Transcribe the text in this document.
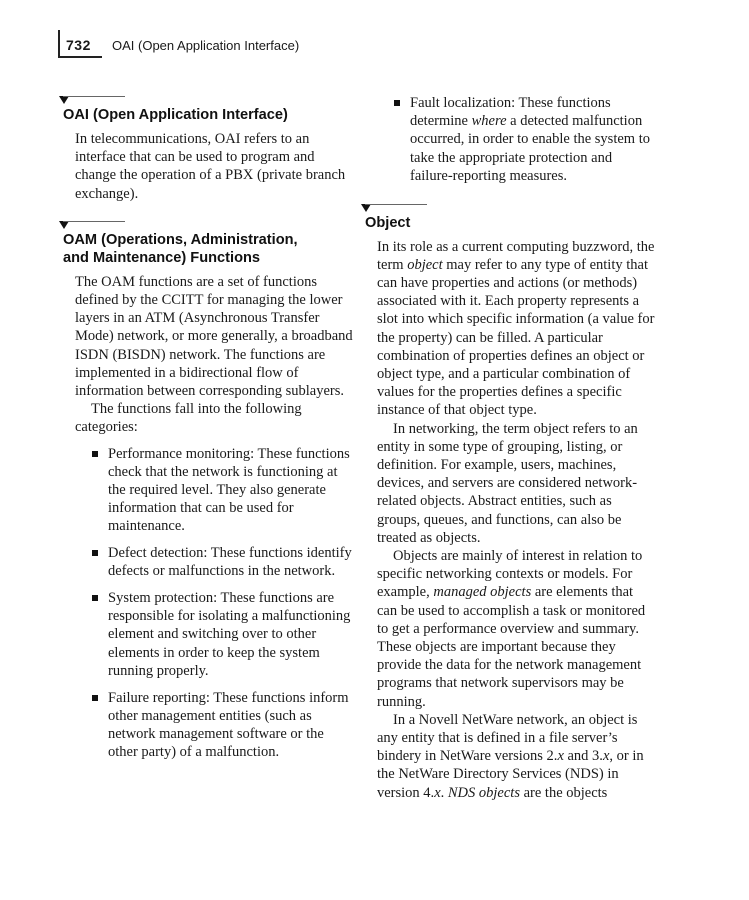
732 OAI (Open Application Interface)
OAI (Open Application Interface)

In telecommunications, OAI refers to an interface that can be used to program and change the operation of a PBX (private branch exchange).

OAM (Operations, Administration,
and Maintenance) Functions

The OAM functions are a set of functions defined by the CCITT for managing the lower layers in an ATM (Asynchronous Transfer Mode) network, or more generally, a broadband ISDN (BISDN) network. The functions are implemented in a bidirectional flow of information between corresponding sublayers.

The functions fall into the following categories:

Performance monitoring: These functions check that the network is functioning at the required level. They also generate information that can be used for maintenance.
Defect detection: These functions identify defects or malfunctions in the network.
System protection: These functions are responsible for isolating a malfunctioning element and switching over to other elements in order to keep the system running properly.
Failure reporting: These functions inform other management entities (such as network management software or the other party) of a malfunction.
Fault localization: These functions determine where a detected malfunction occurred, in order to enable the system to take the appropriate protection and failure-reporting measures.
Object

In its role as a current computing buzzword, the term object may refer to any type of entity that can have properties and actions (or methods) associated with it. Each property represents a slot into which specific information (a value for the property) can be filled. A particular combination of properties defines an object or object type, and a particular combination of values for the properties defines a specific instance of that object type.

In networking, the term object refers to an entity in some type of grouping, listing, or definition. For example, users, machines, devices, and servers are considered network-related objects. Abstract entities, such as groups, queues, and functions, can also be treated as objects.

Objects are mainly of interest in relation to specific networking contexts or models. For example, managed objects are elements that can be used to accomplish a task or monitored to get a performance overview and summary. These objects are important because they provide the data for the network management programs that network supervisors may be running.

In a Novell NetWare network, an object is any entity that is defined in a file server’s bindery in NetWare versions 2.x and 3.x, or in the NetWare Directory Services (NDS) in version 4.x. NDS objects are the objects
